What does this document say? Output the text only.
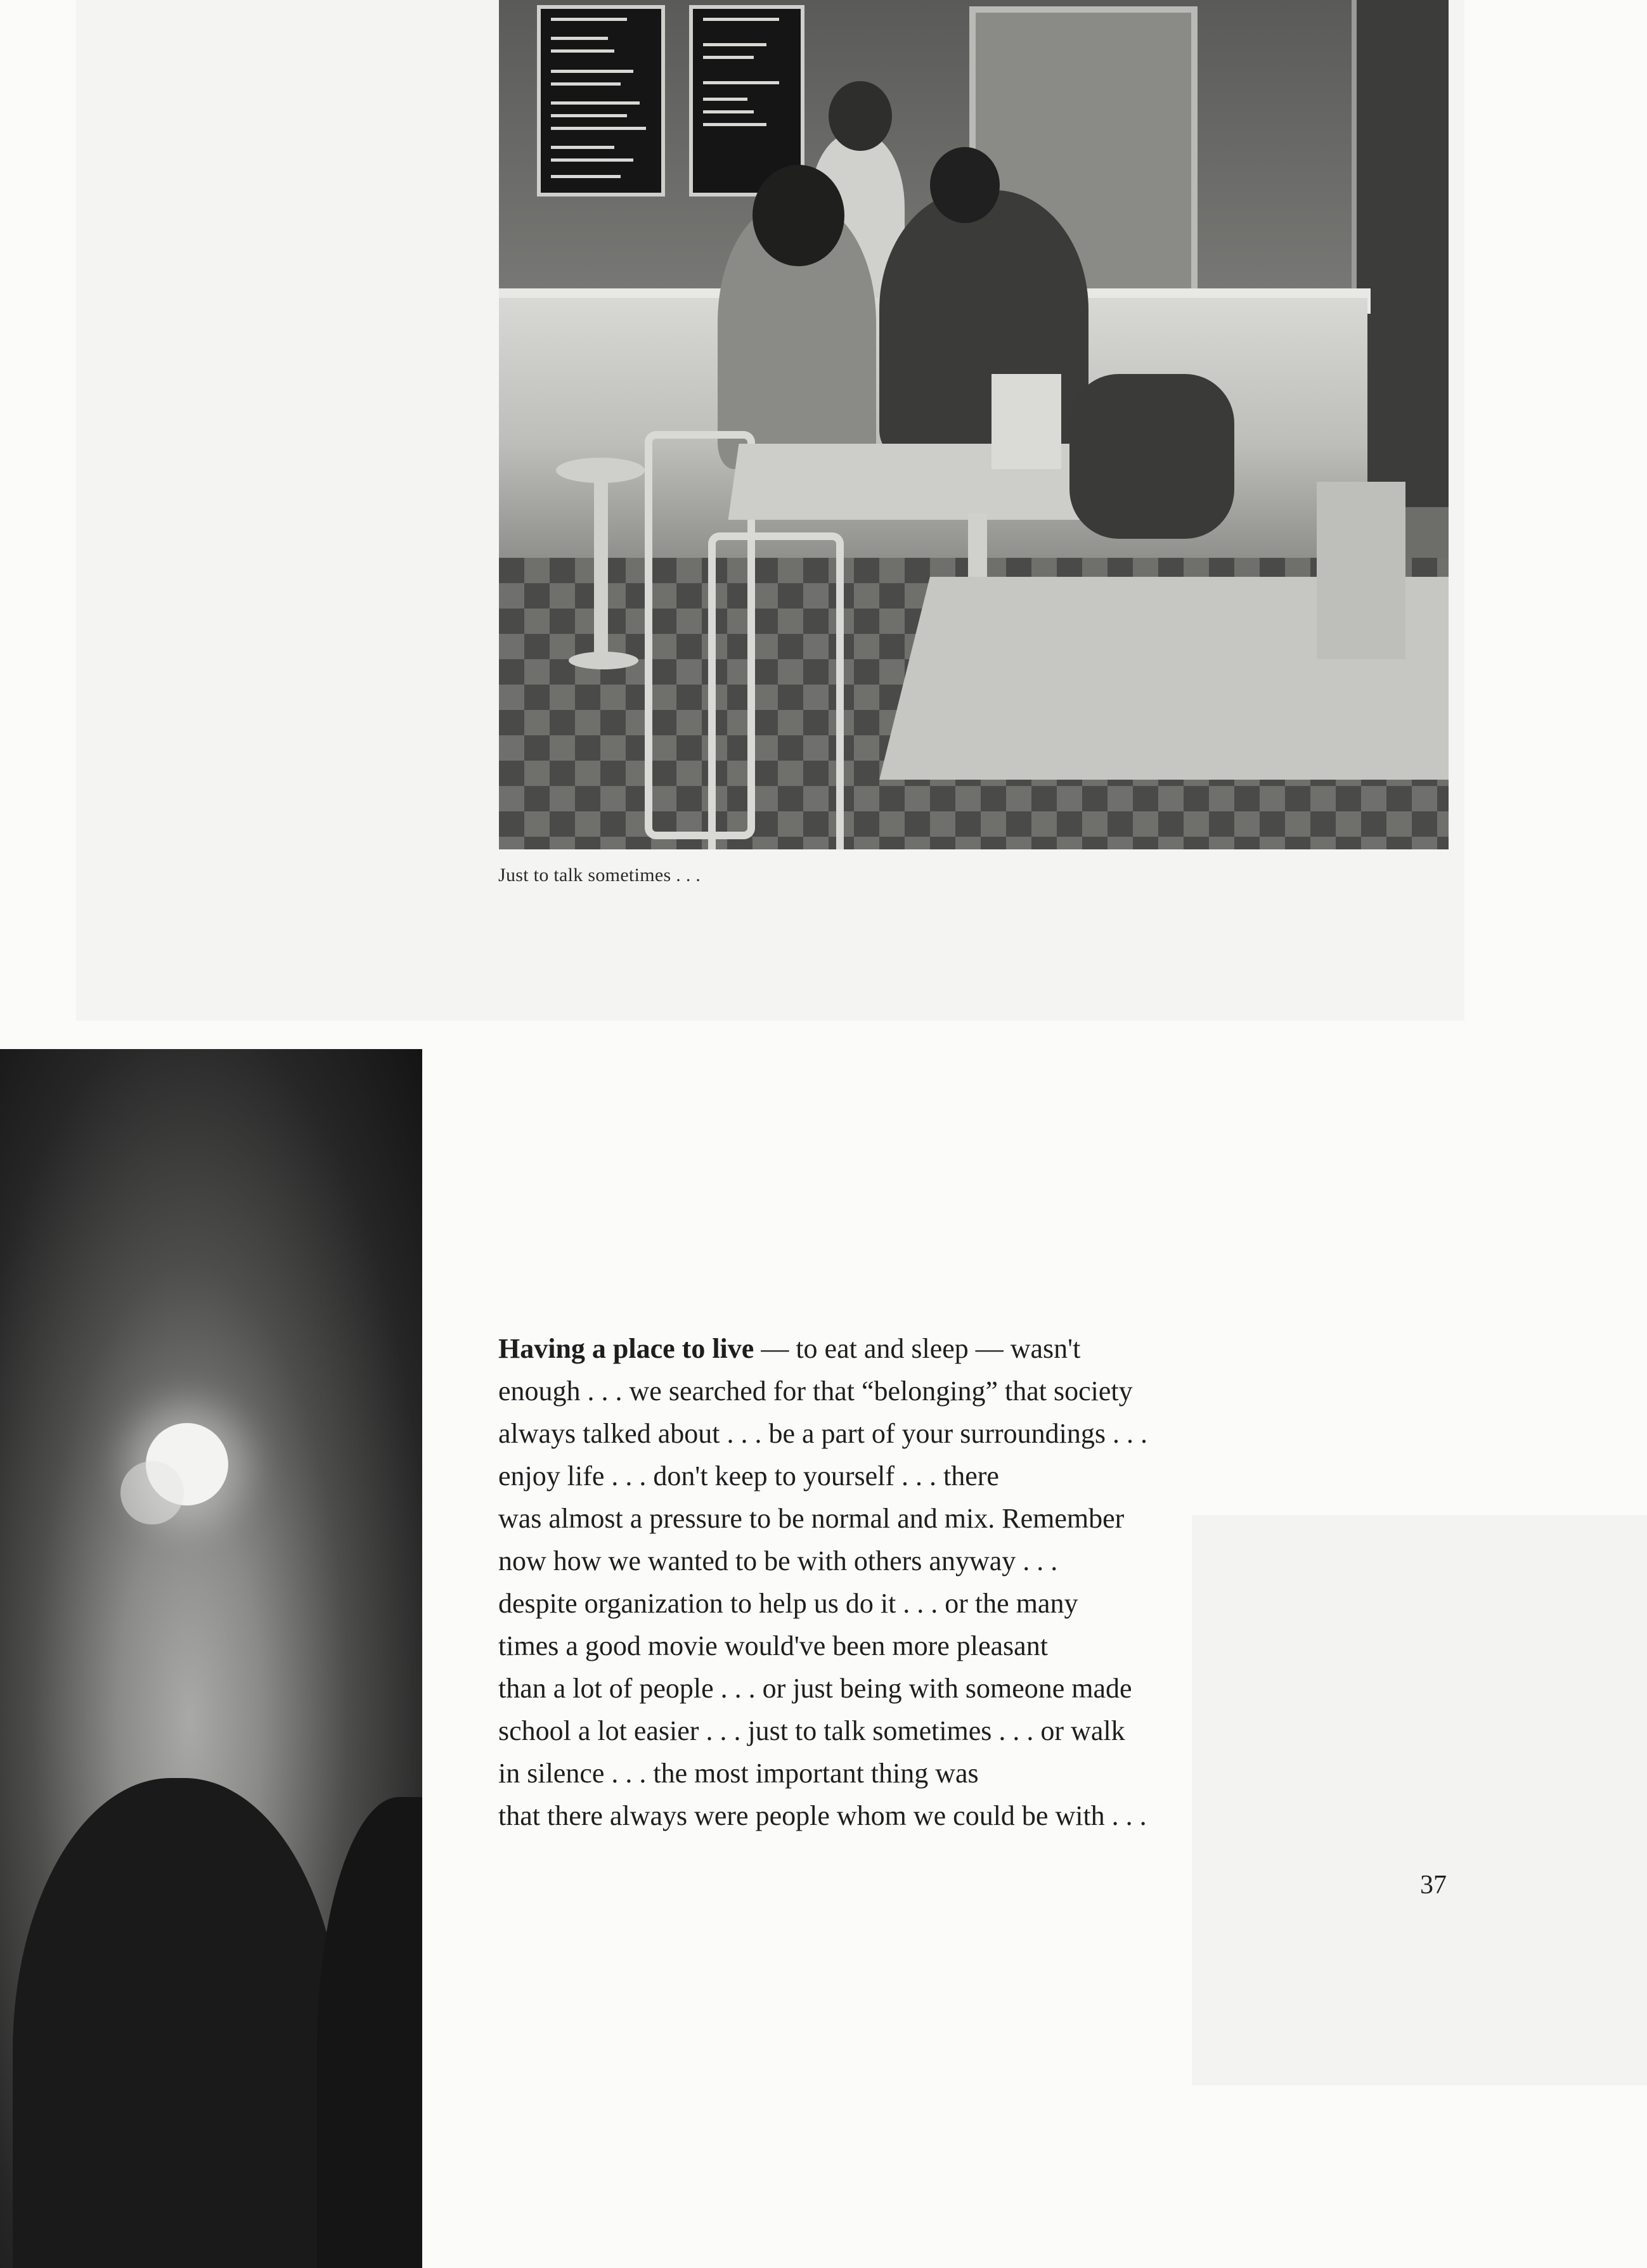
Just to talk sometimes . . .
Having a place to live — to eat and sleep — wasn't
enough . . . we searched for that “belonging” that society
always talked about . . . be a part of your surroundings . . .
enjoy life . . . don't keep to yourself . . . there
was almost a pressure to be normal and mix. Remember
now how we wanted to be with others anyway . . .
despite organization to help us do it . . . or the many
times a good movie would've been more pleasant
than a lot of people . . . or just being with someone made
school a lot easier . . . just to talk sometimes . . . or walk
in silence . . . the most important thing was
that there always were people whom we could be with . . .
37
